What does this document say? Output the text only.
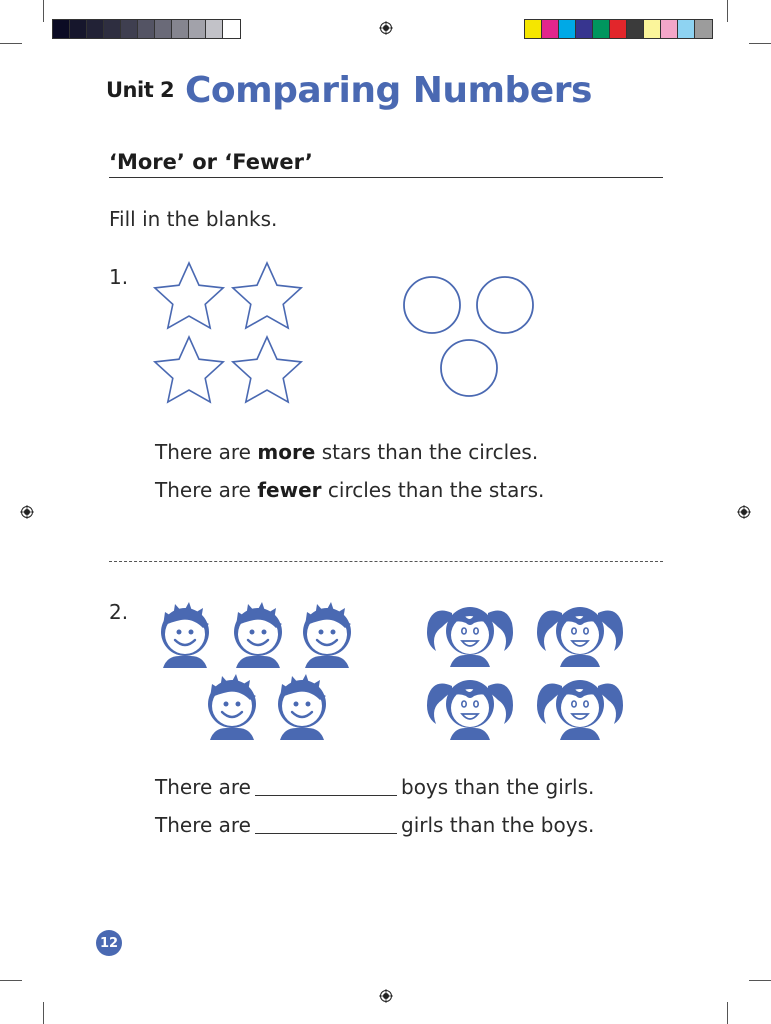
Unit 2 Comparing Numbers
‘More’ or ‘Fewer’
Fill in the blanks.
1.
There are more stars than the circles.
There are fewer circles than the stars.
2.
There are	boys than the girls.
There are	girls than the boys.
12
